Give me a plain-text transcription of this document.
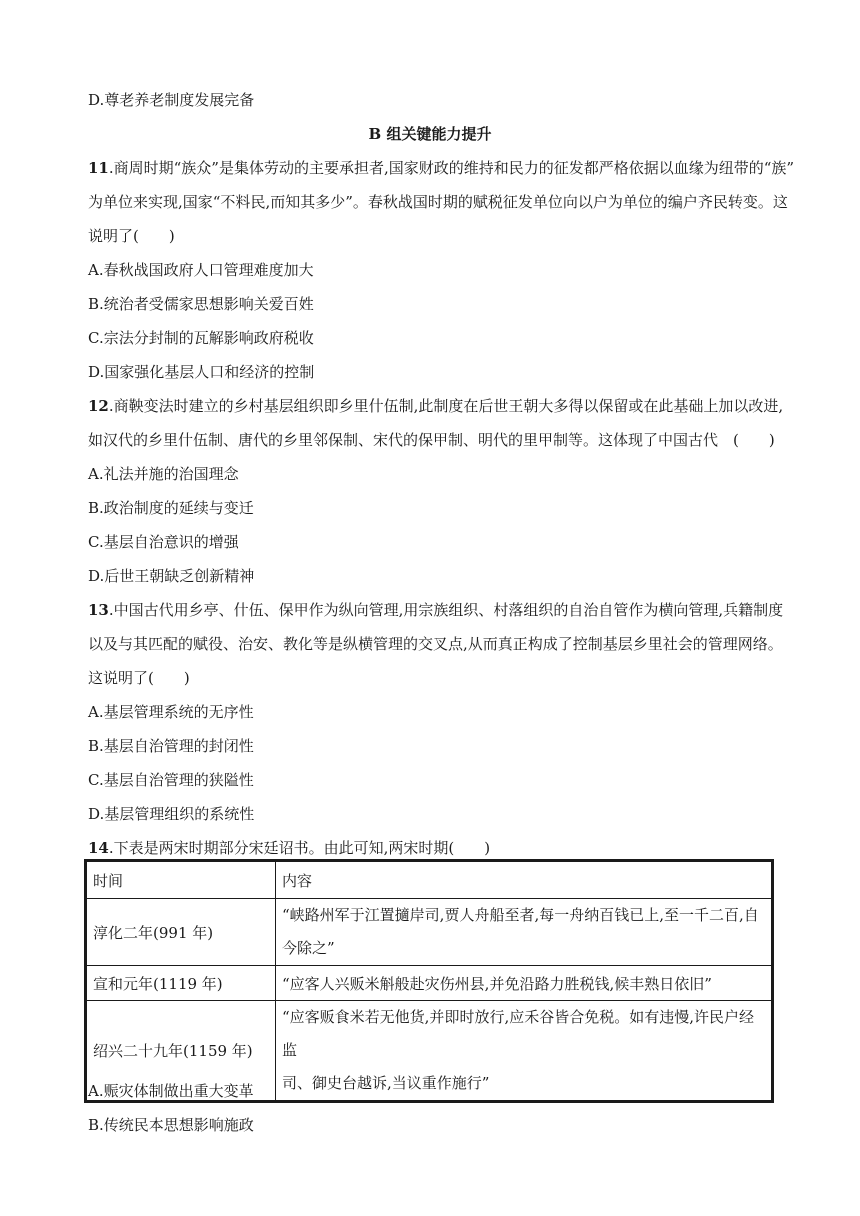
D.尊老养老制度发展完备
B 组关键能力提升
11.商周时期“族众”是集体劳动的主要承担者,国家财政的维持和民力的征发都严格依据以血缘为纽带的“族”
为单位来实现,国家“不料民,而知其多少”。春秋战国时期的赋税征发单位向以户为单位的编户齐民转变。这
说明了(　　)
A.春秋战国政府人口管理难度加大
B.统治者受儒家思想影响关爱百姓
C.宗法分封制的瓦解影响政府税收
D.国家强化基层人口和经济的控制
12.商鞅变法时建立的乡村基层组织即乡里什伍制,此制度在后世王朝大多得以保留或在此基础上加以改进,
如汉代的乡里什伍制、唐代的乡里邻保制、宋代的保甲制、明代的里甲制等。这体现了中国古代　(　　)
A.礼法并施的治国理念
B.政治制度的延续与变迁
C.基层自治意识的增强
D.后世王朝缺乏创新精神
13.中国古代用乡亭、什伍、保甲作为纵向管理,用宗族组织、村落组织的自治自管作为横向管理,兵籍制度
以及与其匹配的赋役、治安、教化等是纵横管理的交叉点,从而真正构成了控制基层乡里社会的管理网络。
这说明了(　　)
A.基层管理系统的无序性
B.基层自治管理的封闭性
C.基层自治管理的狭隘性
D.基层管理组织的系统性
14.下表是两宋时期部分宋廷诏书。由此可知,两宋时期(　　)
时间	内容
淳化二年(991 年)	“峡路州军于江置擿岸司,贾人舟船至者,每一舟纳百钱已上,至一千二百,自
今除之”

宣和元年(1119 年)	“应客人兴贩米斛般赴灾伤州县,并免沿路力胜税钱,候丰熟日依旧”

绍兴二十九年(1159 年)	“应客贩食米若无他货,并即时放行,应禾谷皆合免税。如有违慢,许民户经监
司、御史台越诉,当议重作施行”
A.赈灾体制做出重大变革
B.传统民本思想影响施政
